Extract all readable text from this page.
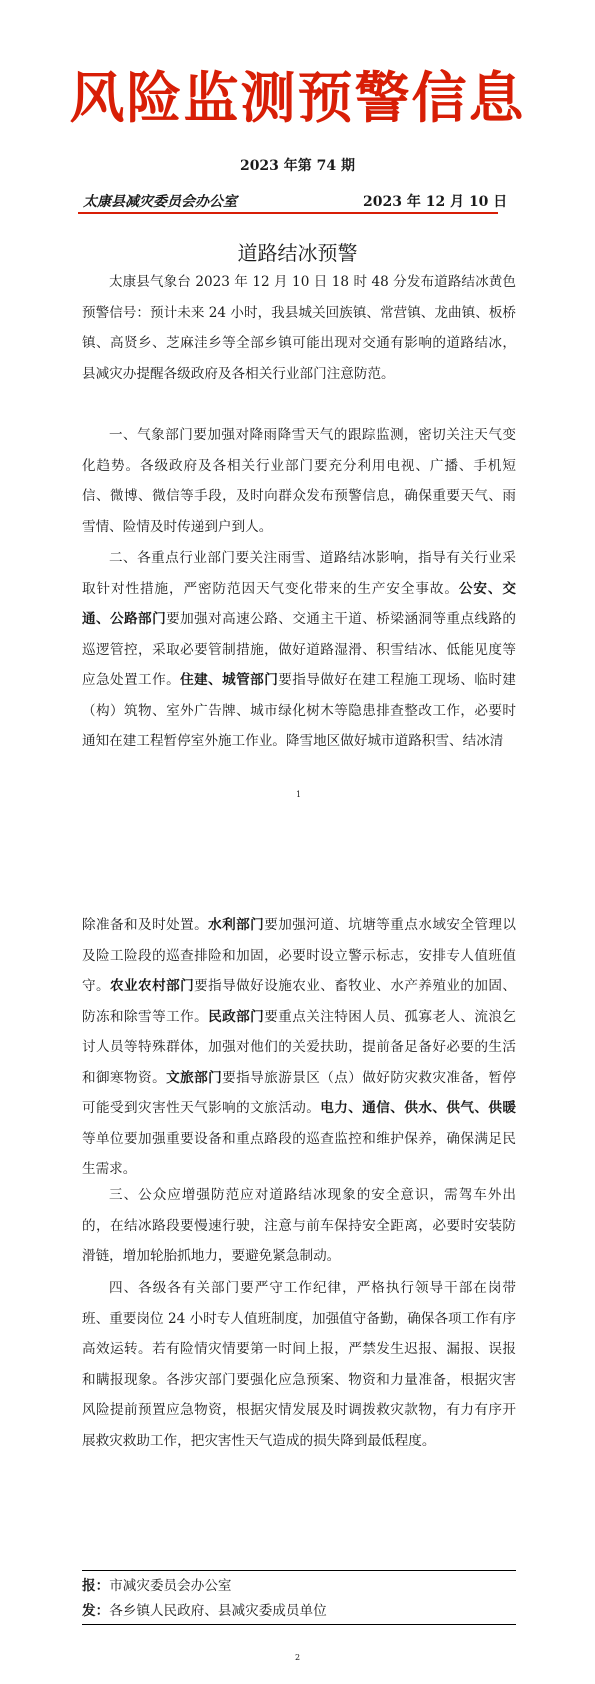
风险监测预警信息
2023 年第 74 期
太康县减灾委员会办公室	2023 年 12 月 10 日
道路结冰预警

太康县气象台 2023 年 12 月 10 日 18 时 48 分发布道路结冰黄色预警信号：预计未来 24 小时，我县城关回族镇、常营镇、龙曲镇、板桥镇、高贤乡、芝麻洼乡等全部乡镇可能出现对交通有影响的道路结冰，县减灾办提醒各级政府及各相关行业部门注意防范。

一、气象部门要加强对降雨降雪天气的跟踪监测，密切关注天气变化趋势。各级政府及各相关行业部门要充分利用电视、广播、手机短信、微博、微信等手段，及时向群众发布预警信息，确保重要天气、雨雪情、险情及时传递到户到人。

二、各重点行业部门要关注雨雪、道路结冰影响，指导有关行业采取针对性措施，严密防范因天气变化带来的生产安全事故。公安、交通、公路部门要加强对高速公路、交通主干道、桥梁涵洞等重点线路的巡逻管控，采取必要管制措施，做好道路湿滑、积雪结冰、低能见度等应急处置工作。住建、城管部门要指导做好在建工程施工现场、临时建（构）筑物、室外广告牌、城市绿化树木等隐患排查整改工作，必要时通知在建工程暂停室外施工作业。降雪地区做好城市道路积雪、结冰清

1

除准备和及时处置。水利部门要加强河道、坑塘等重点水域安全管理以及险工险段的巡查排险和加固，必要时设立警示标志，安排专人值班值守。农业农村部门要指导做好设施农业、畜牧业、水产养殖业的加固、防冻和除雪等工作。民政部门要重点关注特困人员、孤寡老人、流浪乞讨人员等特殊群体，加强对他们的关爱扶助，提前备足备好必要的生活和御寒物资。文旅部门要指导旅游景区（点）做好防灾救灾准备，暂停可能受到灾害性天气影响的文旅活动。电力、通信、供水、供气、供暖等单位要加强重要设备和重点路段的巡查监控和维护保养，确保满足民生需求。

三、公众应增强防范应对道路结冰现象的安全意识，需驾车外出的，在结冰路段要慢速行驶，注意与前车保持安全距离，必要时安装防滑链，增加轮胎抓地力，要避免紧急制动。

四、各级各有关部门要严守工作纪律，严格执行领导干部在岗带班、重要岗位 24 小时专人值班制度，加强值守备勤，确保各项工作有序高效运转。若有险情灾情要第一时间上报，严禁发生迟报、漏报、误报和瞒报现象。各涉灾部门要强化应急预案、物资和力量准备，根据灾害风险提前预置应急物资，根据灾情发展及时调拨救灾款物，有力有序开展救灾救助工作，把灾害性天气造成的损失降到最低程度。

报：市减灾委员会办公室
发：各乡镇人民政府、县减灾委成员单位
2
